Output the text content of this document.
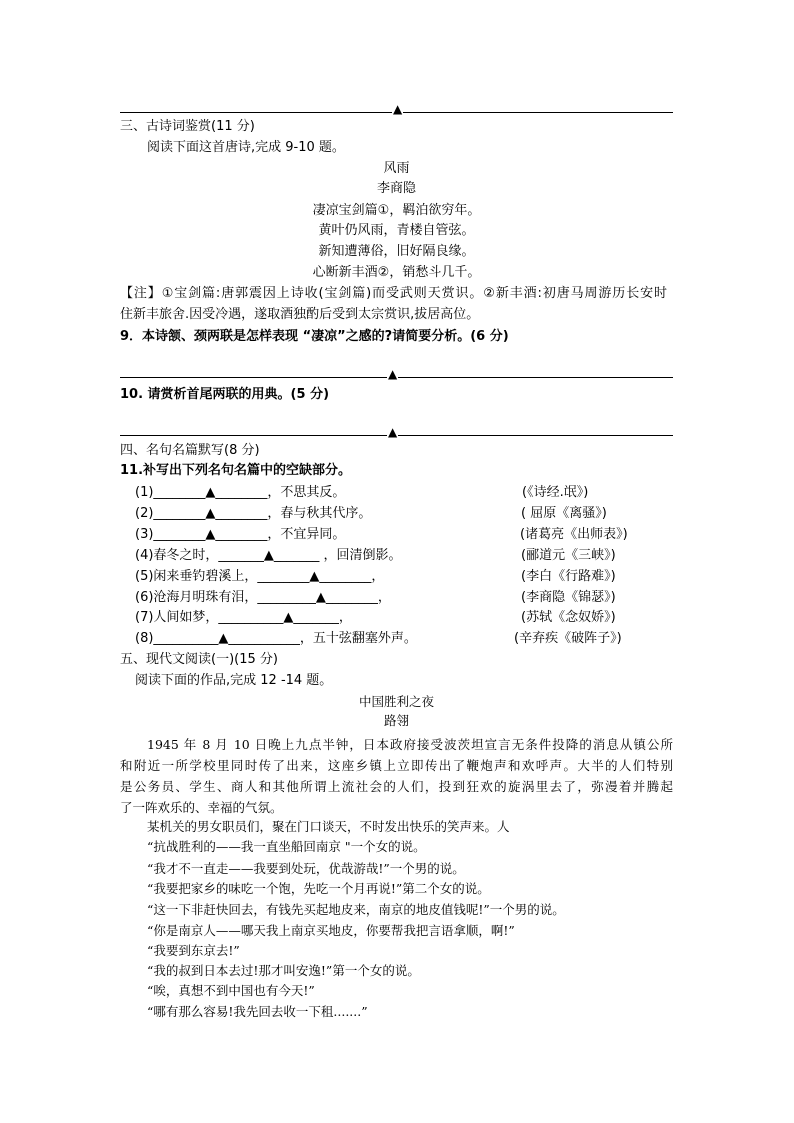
▲
三、古诗词鉴赏(11 分)
阅读下面这首唐诗,完成 9-10 题。
风雨
李商隐
凄凉宝剑篇①，羁泊欲穷年。
黄叶仍风雨，青楼自管弦。
新知遭薄俗，旧好隔良缘。
心断新丰酒②，销愁斗几千。
【注】①宝剑篇:唐郭震因上诗收(宝剑篇)而受武则天赏识。②新丰酒:初唐马周游历长安时
住新丰旅舍.因受冷遇，遂取酒独酌后受到太宗赏识,拔居高位。
9．本诗颔、颈两联是怎样表现 “凄凉”之感的?请简要分析。(6 分)
▲
10. 请赏析首尾两联的用典。(5 分)
▲
四、名句名篇默写(8 分)
11.补写出下列名句名篇中的空缺部分。
(1)________▲________，不思其反。	(《诗经.氓》)
(2)________▲________，春与秋其代序。	( 屈原《离骚》)
(3)________▲________，不宜异同。	(诸葛亮《出师表》)
(4)春冬之时，_______▲_______ ，回清倒影。	(郦道元《三峡》)
(5)闲来垂钓碧溪上，________▲________，	(李白《行路难》)
(6)沧海月明珠有泪，_________▲________，	(李商隐《锦瑟》)
(7)人间如梦，__________▲_______，	(苏轼《念奴娇》)
(8)__________▲___________，五十弦翻塞外声。	(辛弃疾《破阵子》)
五、现代文阅读(一)(15 分)
阅读下面的作品,完成 12 -14 题。
中国胜利之夜
路翎
1945 年 8 月 10 日晚上九点半钟，日本政府接受波茨坦宣言无条件投降的消息从镇公所
和附近一所学校里同时传了出来，这座乡镇上立即传出了鞭炮声和欢呼声。大半的人们特别
是公务员、学生、商人和其他所谓上流社会的人们，投到狂欢的旋涡里去了，弥漫着并腾起
了一阵欢乐的、幸福的气氛。
某机关的男女职员们，聚在门口谈天，不时发出快乐的笑声来。人
“抗战胜利的——我一直坐船回南京 "一个女的说。
“我才不一直走——我要到处玩，优哉游哉!”一个男的说。
“我要把家乡的味吃一个饱，先吃一个月再说!”第二个女的说。
“这一下非赶快回去，有钱先买起地皮来，南京的地皮值钱呢!”一个男的说。
“你是南京人——哪天我上南京买地皮，你要帮我把言语拿顺，啊!”
“我要到东京去!”
“我的叔到日本去过!那才叫安逸!”第一个女的说。
“唉，真想不到中国也有今天!”
“哪有那么容易!我先回去收一下租.......”
